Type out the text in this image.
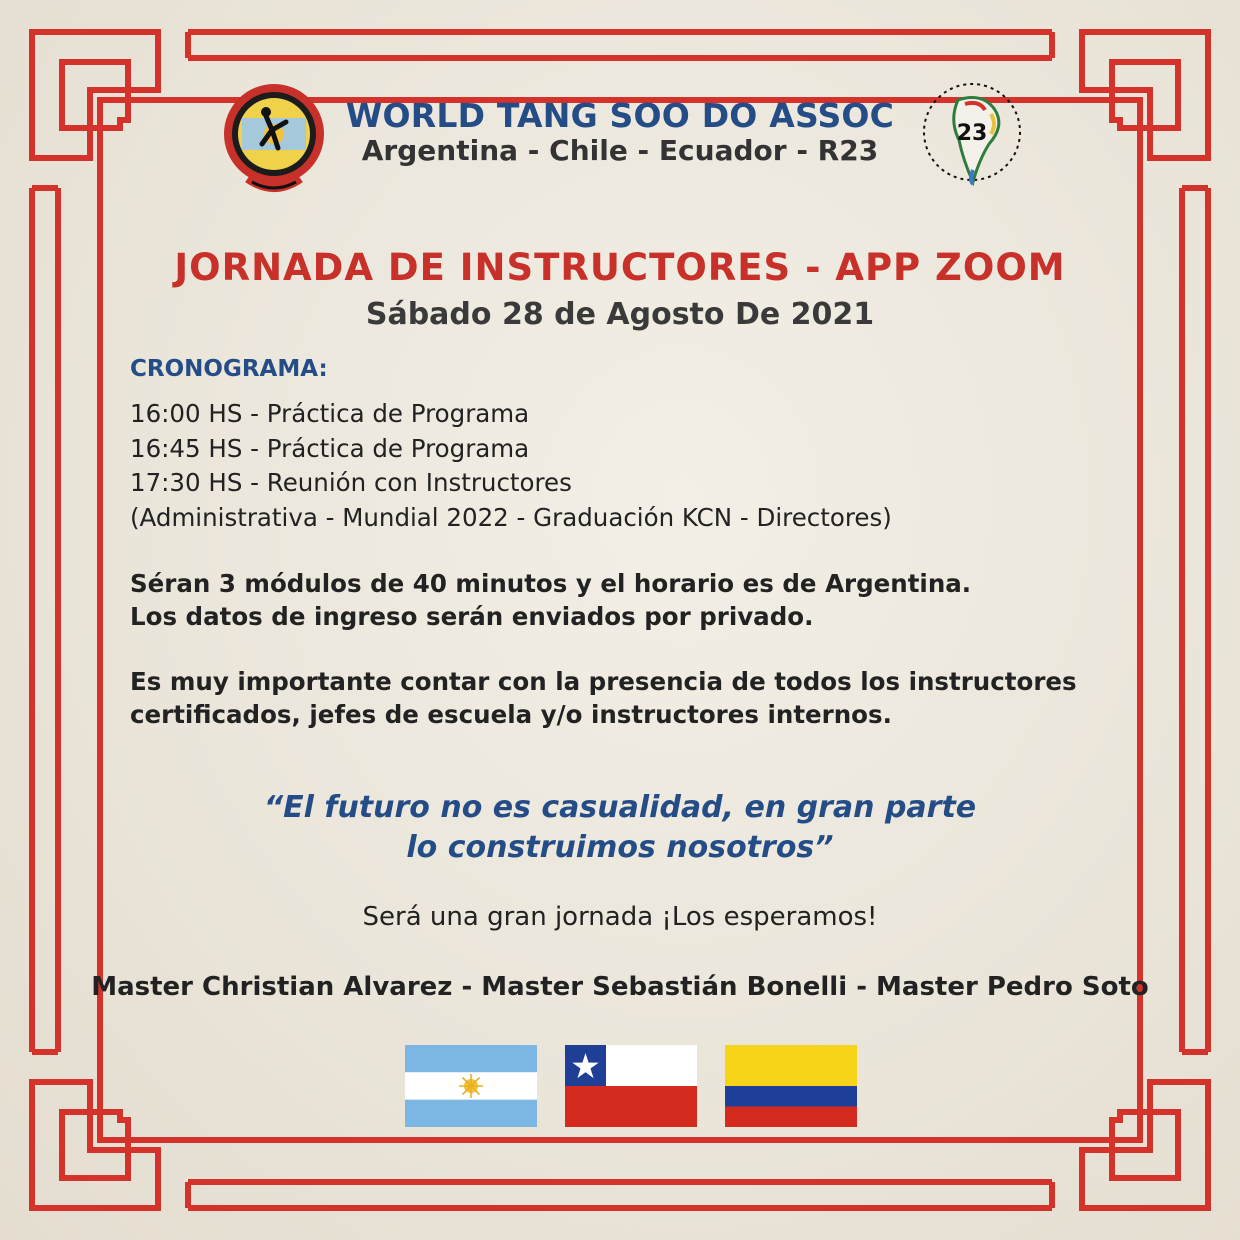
23
WORLD TANG SOO DO ASSOC
Argentina - Chile - Ecuador - R23
JORNADA DE INSTRUCTORES - APP ZOOM
Sábado 28 de Agosto De 2021
CRONOGRAMA:
16:00 HS - Práctica de Programa
16:45 HS - Práctica de Programa
17:30 HS - Reunión con Instructores
(Administrativa - Mundial 2022 - Graduación KCN - Directores)
Séran 3 módulos de 40 minutos y el horario es de Argentina.
Los datos de ingreso serán enviados por privado.
Es muy importante contar con la presencia de todos los instructores
certificados, jefes de escuela y/o instructores internos.
“El futuro no es casualidad, en gran parte
lo construimos nosotros”
Será una gran jornada ¡Los esperamos!
Master Christian Alvarez - Master Sebastián Bonelli - Master Pedro Soto
